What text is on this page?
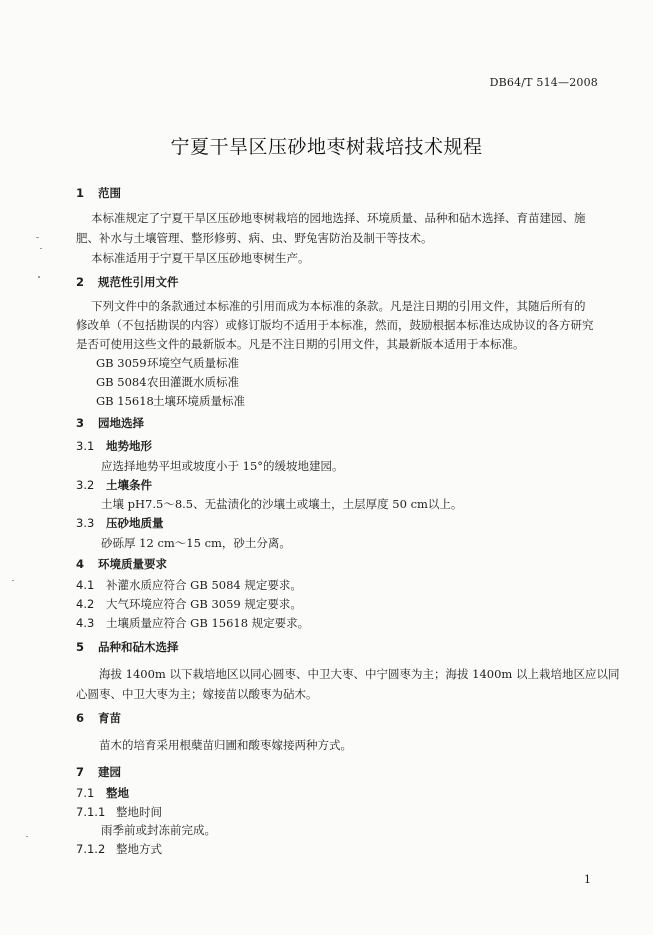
DB64/T 514—2008
宁夏干旱区压砂地枣树栽培技术规程
1 范围
本标准规定了宁夏干旱区压砂地枣树栽培的园地选择、环境质量、品种和砧木选择、育苗建园、施
肥、补水与土壤管理、整形修剪、病、虫、野兔害防治及制干等技术。
本标准适用于宁夏干旱区压砂地枣树生产。
2 规范性引用文件
下列文件中的条款通过本标准的引用而成为本标准的条款。凡是注日期的引用文件，其随后所有的
修改单（不包括勘误的内容）或修订版均不适用于本标准，然而，鼓励根据本标准达成协议的各方研究
是否可使用这些文件的最新版本。凡是不注日期的引用文件，其最新版本适用于本标准。
GB 3059环境空气质量标准
GB 5084农田灌溉水质标准
GB 15618土壤环境质量标准
3 园地选择
3.1 地势地形
应选择地势平坦或坡度小于 15°的缓坡地建园。
3.2 土壤条件
土壤 pH7.5～8.5、无盐渍化的沙壤土或壤土，土层厚度 50 cm以上。
3.3 压砂地质量
砂砾厚 12 cm～15 cm，砂土分离。
4 环境质量要求
4.1 补灌水质应符合 GB 5084 规定要求。
4.2 大气环境应符合 GB 3059 规定要求。
4.3 土壤质量应符合 GB 15618 规定要求。
5 品种和砧木选择
海拔 1400m 以下栽培地区以同心圆枣、中卫大枣、中宁圆枣为主；海拔 1400m 以上栽培地区应以同
心圆枣、中卫大枣为主；嫁接苗以酸枣为砧木。
6 育苗
苗木的培育采用根蘖苗归圃和酸枣嫁接两种方式。
7 建园
7.1 整地
7.1.1 整地时间
雨季前或封冻前完成。
7.1.2 整地方式
1
